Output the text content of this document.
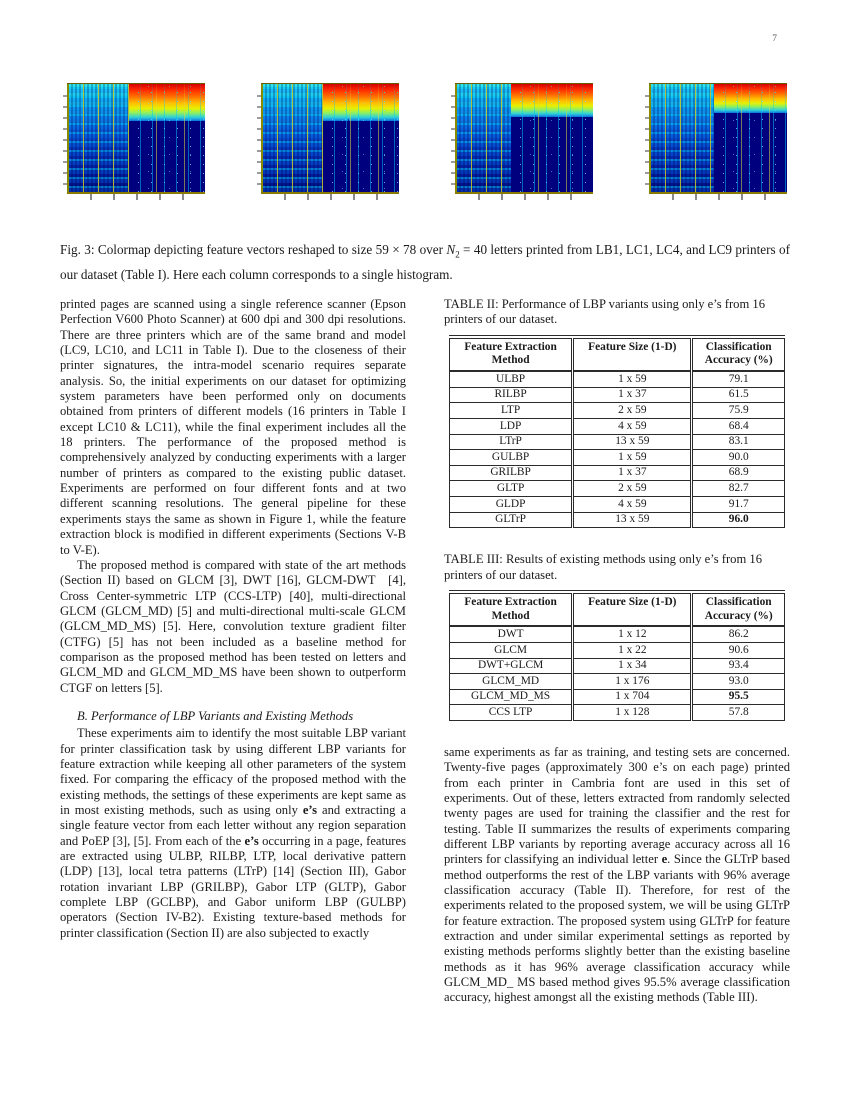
7
Fig. 3: Colormap depicting feature vectors reshaped to size 59 × 78 over $N_2 = 40$ letters printed from LB1, LC1, LC4, and LC9 printers of our dataset (Table I). Here each column corresponds to a single histogram.

printed pages are scanned using a single reference scanner (Epson Perfection V600 Photo Scanner) at 600 dpi and 300 dpi resolutions. There are three printers which are of the same brand and model (LC9, LC10, and LC11 in Table I). Due to the closeness of their printer signatures, the intra-model scenario requires separate analysis. So, the initial experiments on our dataset for optimizing system parameters have been performed only on documents obtained from printers of different models (16 printers in Table I except LC10 & LC11), while the final experiment includes all the 18 printers. The performance of the proposed method is comprehensively analyzed by conducting experiments with a larger number of printers as compared to the existing public dataset. Experiments are performed on four different fonts and at two different scanning resolutions. The general pipeline for these experiments stays the same as shown in Figure 1, while the feature extraction block is modified in different experiments (Sections V-B to V-E).

The proposed method is compared with state of the art methods (Section II) based on GLCM [3], DWT [16], GLCM-DWT [4], Cross Center-symmetric LTP (CCS-LTP) [40], multi-directional GLCM (GLCM_MD) [5] and multi-directional multi-scale GLCM (GLCM_MD_MS) [5]. Here, convolution texture gradient filter (CTFG) [5] has not been included as a baseline method for comparison as the proposed method has been tested on letters and GLCM_MD and GLCM_MD_MS have been shown to outperform CTGF on letters [5].

B. Performance of LBP Variants and Existing Methods

These experiments aim to identify the most suitable LBP variant for printer classification task by using different LBP variants for feature extraction while keeping all other parameters of the system fixed. For comparing the efficacy of the proposed method with the existing methods, the settings of these experiments are kept same as in most existing methods, such as using only e’s and extracting a single feature vector from each letter without any region separation and PoEP [3], [5]. From each of the e’s occurring in a page, features are extracted using ULBP, RILBP, LTP, local derivative pattern (LDP) [13], local tetra patterns (LTrP) [14] (Section III), Gabor rotation invariant LBP (GRILBP), Gabor LTP (GLTP), Gabor complete LBP (GCLBP), and Gabor uniform LBP (GULBP) operators (Section IV-B2). Existing texture-based methods for printer classification (Section II) are also subjected to exactly

TABLE II: Performance of LBP variants using only e’s from 16 printers of our dataset.
Feature Extraction
Method	Feature Size (1-D)	Classification
Accuracy (%)
ULBP	1 x 59	79.1
RILBP	1 x 37	61.5
LTP	2 x 59	75.9
LDP	4 x 59	68.4
LTrP	13 x 59	83.1
GULBP	1 x 59	90.0
GRILBP	1 x 37	68.9
GLTP	2 x 59	82.7
GLDP	4 x 59	91.7
GLTrP	13 x 59	96.0
TABLE III: Results of existing methods using only e’s from 16 printers of our dataset.
Feature Extraction
Method	Feature Size (1-D)	Classification
Accuracy (%)
DWT	1 x 12	86.2
GLCM	1 x 22	90.6
DWT+GLCM	1 x 34	93.4
GLCM_MD	1 x 176	93.0
GLCM_MD_MS	1 x 704	95.5
CCS LTP	1 x 128	57.8

same experiments as far as training, and testing sets are concerned. Twenty-five pages (approximately 300 e’s on each page) printed from each printer in Cambria font are used in this set of experiments. Out of these, letters extracted from randomly selected twenty pages are used for training the classifier and the rest for testing. Table II summarizes the results of experiments comparing different LBP variants by reporting average accuracy across all 16 printers for classifying an individual letter e. Since the GLTrP based method outperforms the rest of the LBP variants with 96% average classification accuracy (Table II). Therefore, for rest of the experiments related to the proposed system, we will be using GLTrP for feature extraction. The proposed system using GLTrP for feature extraction and under similar experimental settings as reported by existing methods performs slightly better than the existing baseline methods as it has 96% average classification accuracy while GLCM_MD_ MS based method gives 95.5% average classification accuracy, highest amongst all the existing methods (Table III).
